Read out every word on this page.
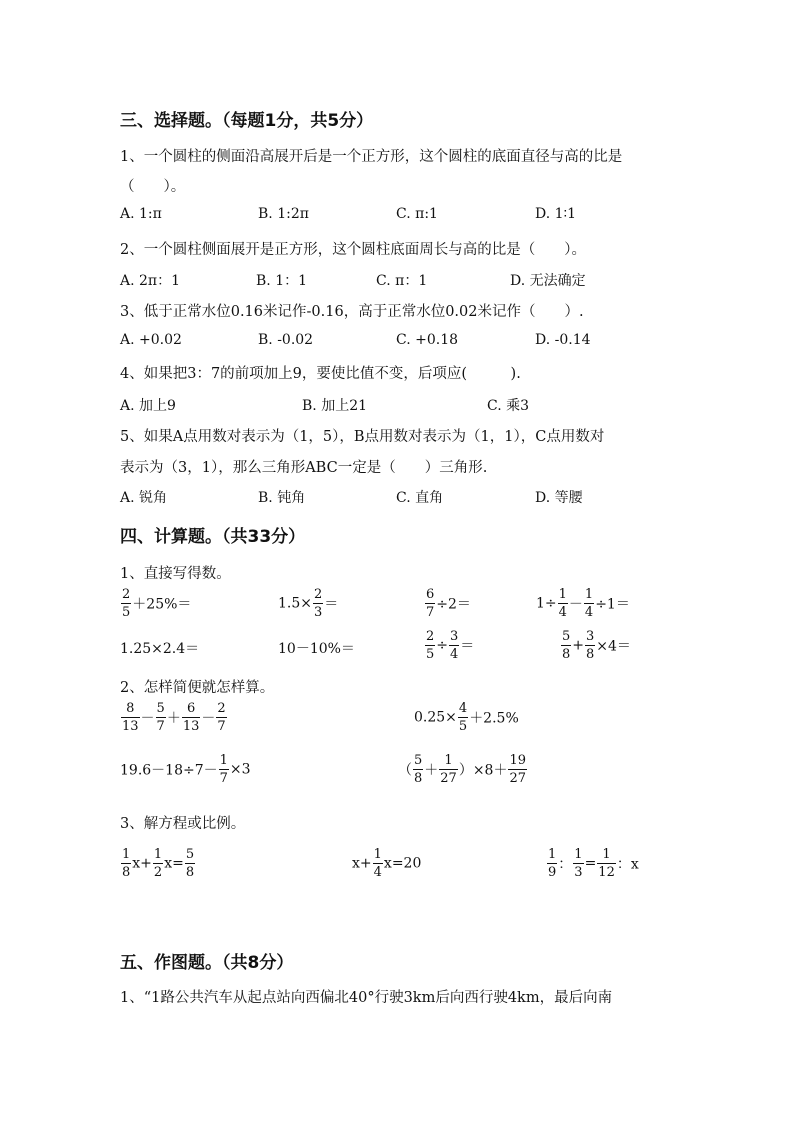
三、选择题。（每题1分，共5分）
1、一个圆柱的侧面沿高展开后是一个正方形，这个圆柱的底面直径与高的比是
（　　）。
A. 1:π	B. 1:2π	C. π:1	D. 1∶1
2、一个圆柱侧面展开是正方形，这个圆柱底面周长与高的比是（　　）。
A. 2π：1	B. 1：1	C. π：1	D. 无法确定
3、低于正常水位0.16米记作-0.16，高于正常水位0.02米记作（　　）.
A. +0.02	B. -0.02	C. +0.18	D. -0.14
4、如果把3：7的前项加上9，要使比值不变，后项应(　　　).
A. 加上9	B. 加上21	C. 乘3
5、如果A点用数对表示为（1，5），B点用数对表示为（1，1），C点用数对
表示为（3，1），那么三角形ABC一定是（　　）三角形.
A. 锐角	B. 钝角	C. 直角	D. 等腰
四、计算题。（共33分）
1、直接写得数。
$\frac{2}{5} +25\%=$	$1.5\times \frac{2}{3}$ ＝	$\frac{6}{7} \div 2=$	$1\div \frac{1}{4} - \frac{1}{4} \div 1=$
1.25×2.4＝	10－10%＝	$\frac{2}{5} \div \frac{3}{4}$ ＝	$\frac{5}{8} + \frac{3}{8} \times 4=$
2、怎样简便就怎样算。
$\frac{8}{13} - \frac{5}{7} + \frac{6}{13} - \frac{2}{7}$	$0.25\times \frac{4}{5} +2.5\%$
$19.6-18\div 7- \frac{1}{7} \times 3$	（ $\frac{5}{8} + \frac{1}{27} )\times 8+ \frac{19}{27}$
3、解方程或比例。
$\frac{1}{8} x+ \frac{1}{2} x= \frac{5}{8}$	$x+ \frac{1}{4} x=20$	$\frac{1}{9}$ ： $\frac{1}{3} = \frac{1}{12}$ ：x
五、作图题。（共8分）
1、“1路公共汽车从起点站向西偏北40°行驶3km后向西行驶4km，最后向南
